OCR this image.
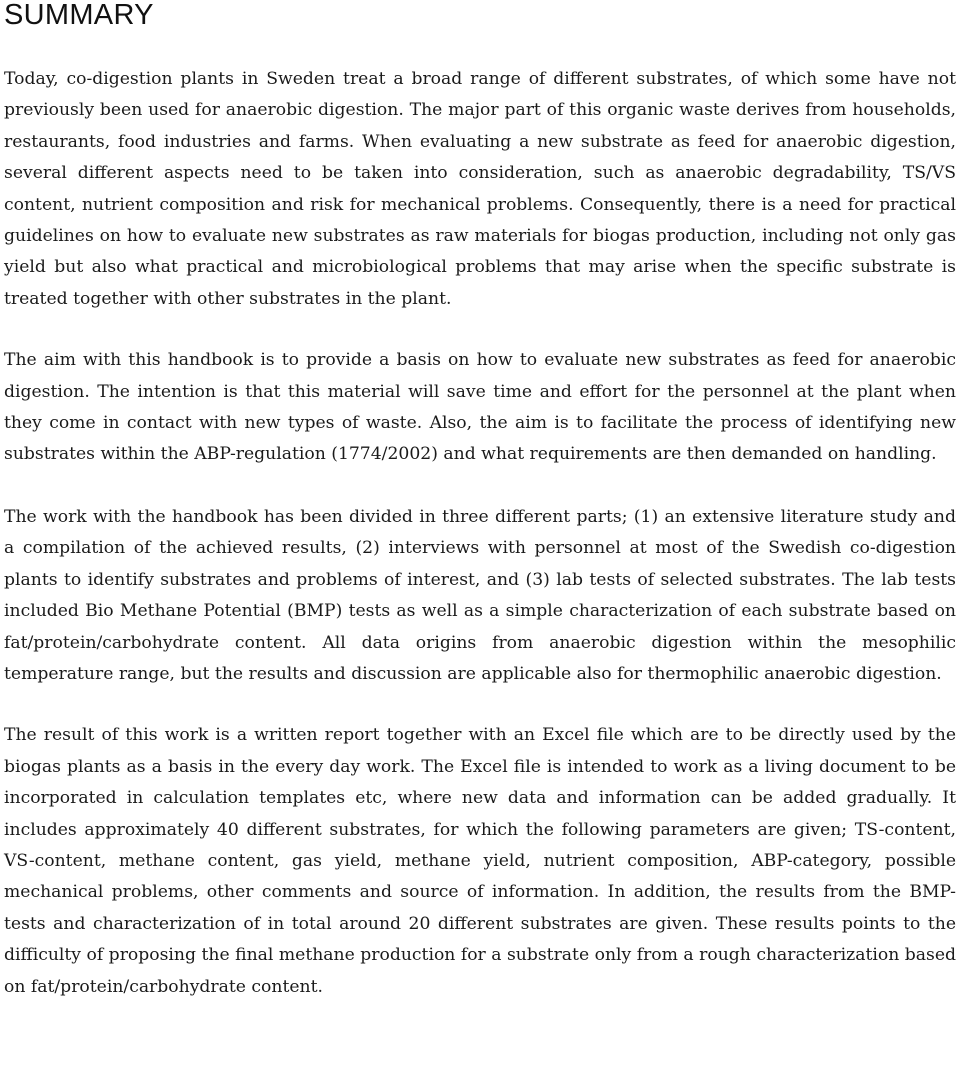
SUMMARY

Today, co-digestion plants in Sweden treat a broad range of different substrates, of which some have not previously been used for anaerobic digestion. The major part of this organic waste derives from households, restaurants, food industries and farms. When evaluating a new substrate as feed for anaerobic digestion, several different aspects need to be taken into consideration, such as anaerobic degradability, TS/VS content, nutrient composition and risk for mechanical problems. Consequently, there is a need for practical guidelines on how to evaluate new substrates as raw materials for biogas production, including not only gas yield but also what practical and microbiological problems that may arise when the specific substrate is treated together with other substrates in the plant.

The aim with this handbook is to provide a basis on how to evaluate new substrates as feed for anaerobic digestion. The intention is that this material will save time and effort for the personnel at the plant when they come in contact with new types of waste. Also, the aim is to facilitate the process of identifying new substrates within the ABP-regulation (1774/2002) and what requirements are then demanded on handling.

The work with the handbook has been divided in three different parts; (1) an extensive literature study and a compilation of the achieved results, (2) interviews with personnel at most of the Swedish co-digestion plants to identify substrates and problems of interest, and (3) lab tests of selected substrates. The lab tests included Bio Methane Potential (BMP) tests as well as a simple characterization of each substrate based on fat/protein/carbohydrate content. All data origins from anaerobic digestion within the mesophilic temperature range, but the results and discussion are applicable also for thermophilic anaerobic digestion.

The result of this work is a written report together with an Excel file which are to be directly used by the biogas plants as a basis in the every day work. The Excel file is intended to work as a living document to be incorporated in calculation templates etc, where new data and information can be added gradually. It includes approximately 40 different substrates, for which the following parameters are given; TS-content, VS-content, methane content, gas yield, methane yield, nutrient composition, ABP-category, possible mechanical problems, other comments and source of information. In addition, the results from the BMP-tests and characterization of in total around 20 different substrates are given. These results points to the difficulty of proposing the final methane production for a substrate only from a rough characterization based on fat/protein/carbohydrate content.
